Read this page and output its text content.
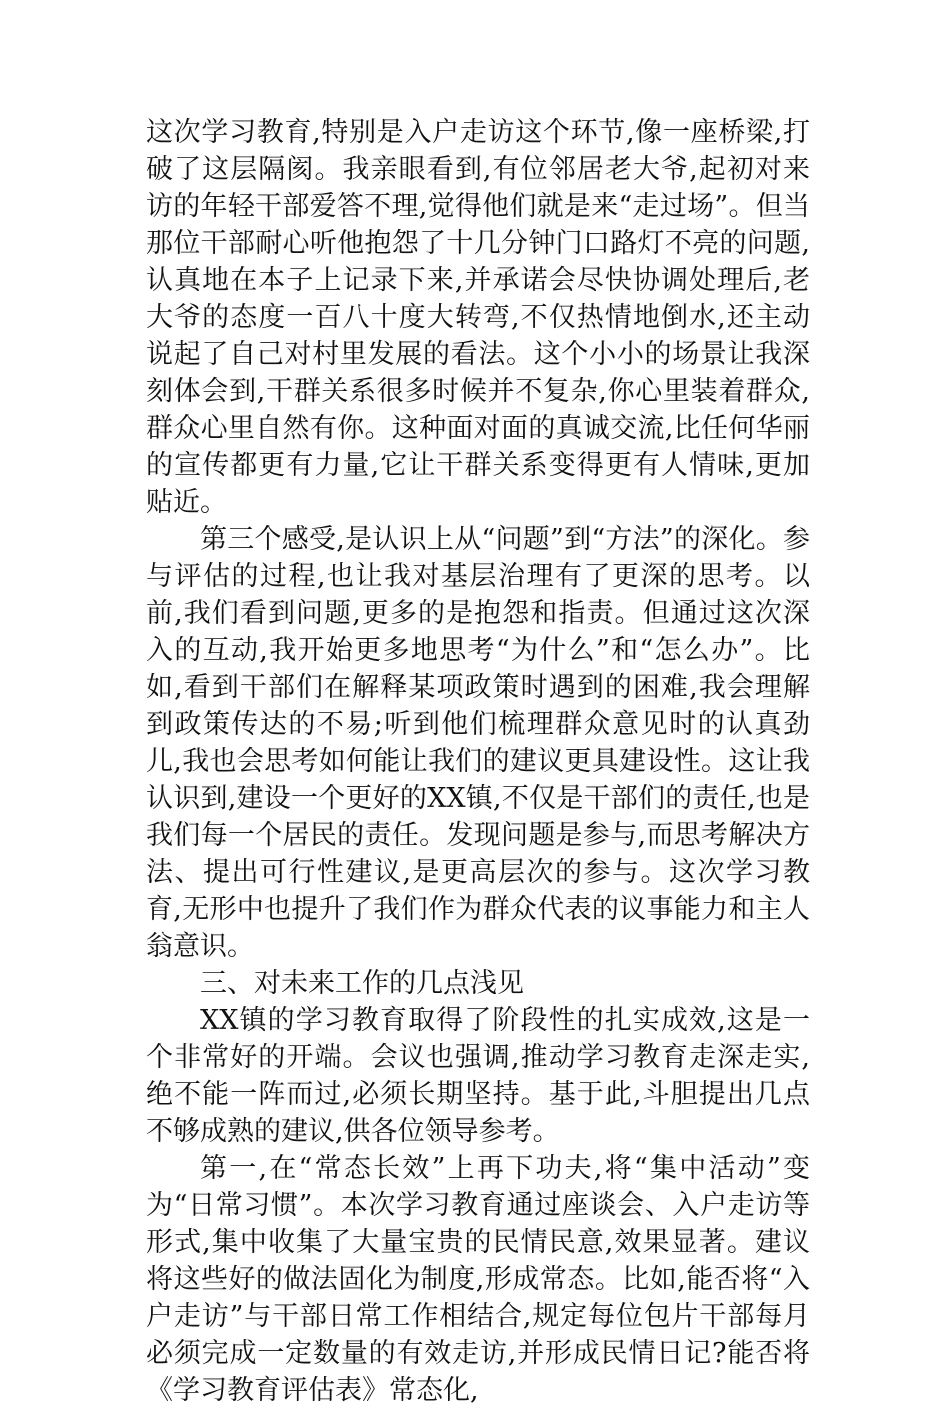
这次学习教育,特别是入户走访这个环节,像一座桥梁,打破了这层隔阂。我亲眼看到,有位邻居老大爷,起初对来访的年轻干部爱答不理,觉得他们就是来“走过场”。但当那位干部耐心听他抱怨了十几分钟门口路灯不亮的问题,认真地在本子上记录下来,并承诺会尽快协调处理后,老大爷的态度一百八十度大转弯,不仅热情地倒水,还主动说起了自己对村里发展的看法。这个小小的场景让我深刻体会到,干群关系很多时候并不复杂,你心里装着群众,群众心里自然有你。这种面对面的真诚交流,比任何华丽的宣传都更有力量,它让干群关系变得更有人情味,更加贴近。

第三个感受,是认识上从“问题”到“方法”的深化。参与评估的过程,也让我对基层治理有了更深的思考。以前,我们看到问题,更多的是抱怨和指责。但通过这次深入的互动,我开始更多地思考“为什么”和“怎么办”。比如,看到干部们在解释某项政策时遇到的困难,我会理解到政策传达的不易;听到他们梳理群众意见时的认真劲儿,我也会思考如何能让我们的建议更具建设性。这让我认识到,建设一个更好的XX镇,不仅是干部们的责任,也是我们每一个居民的责任。发现问题是参与,而思考解决方法、提出可行性建议,是更高层次的参与。这次学习教育,无形中也提升了我们作为群众代表的议事能力和主人翁意识。

三、对未来工作的几点浅见

XX镇的学习教育取得了阶段性的扎实成效,这是一个非常好的开端。会议也强调,推动学习教育走深走实,绝不能一阵而过,必须长期坚持。基于此,斗胆提出几点不够成熟的建议,供各位领导参考。

第一,在“常态长效”上再下功夫,将“集中活动”变为“日常习惯”。本次学习教育通过座谈会、入户走访等形式,集中收集了大量宝贵的民情民意,效果显著。建议将这些好的做法固化为制度,形成常态。比如,能否将“入户走访”与干部日常工作相结合,规定每位包片干部每月必须完成一定数量的有效走访,并形成民情日记?能否将《学习教育评估表》常态化,
